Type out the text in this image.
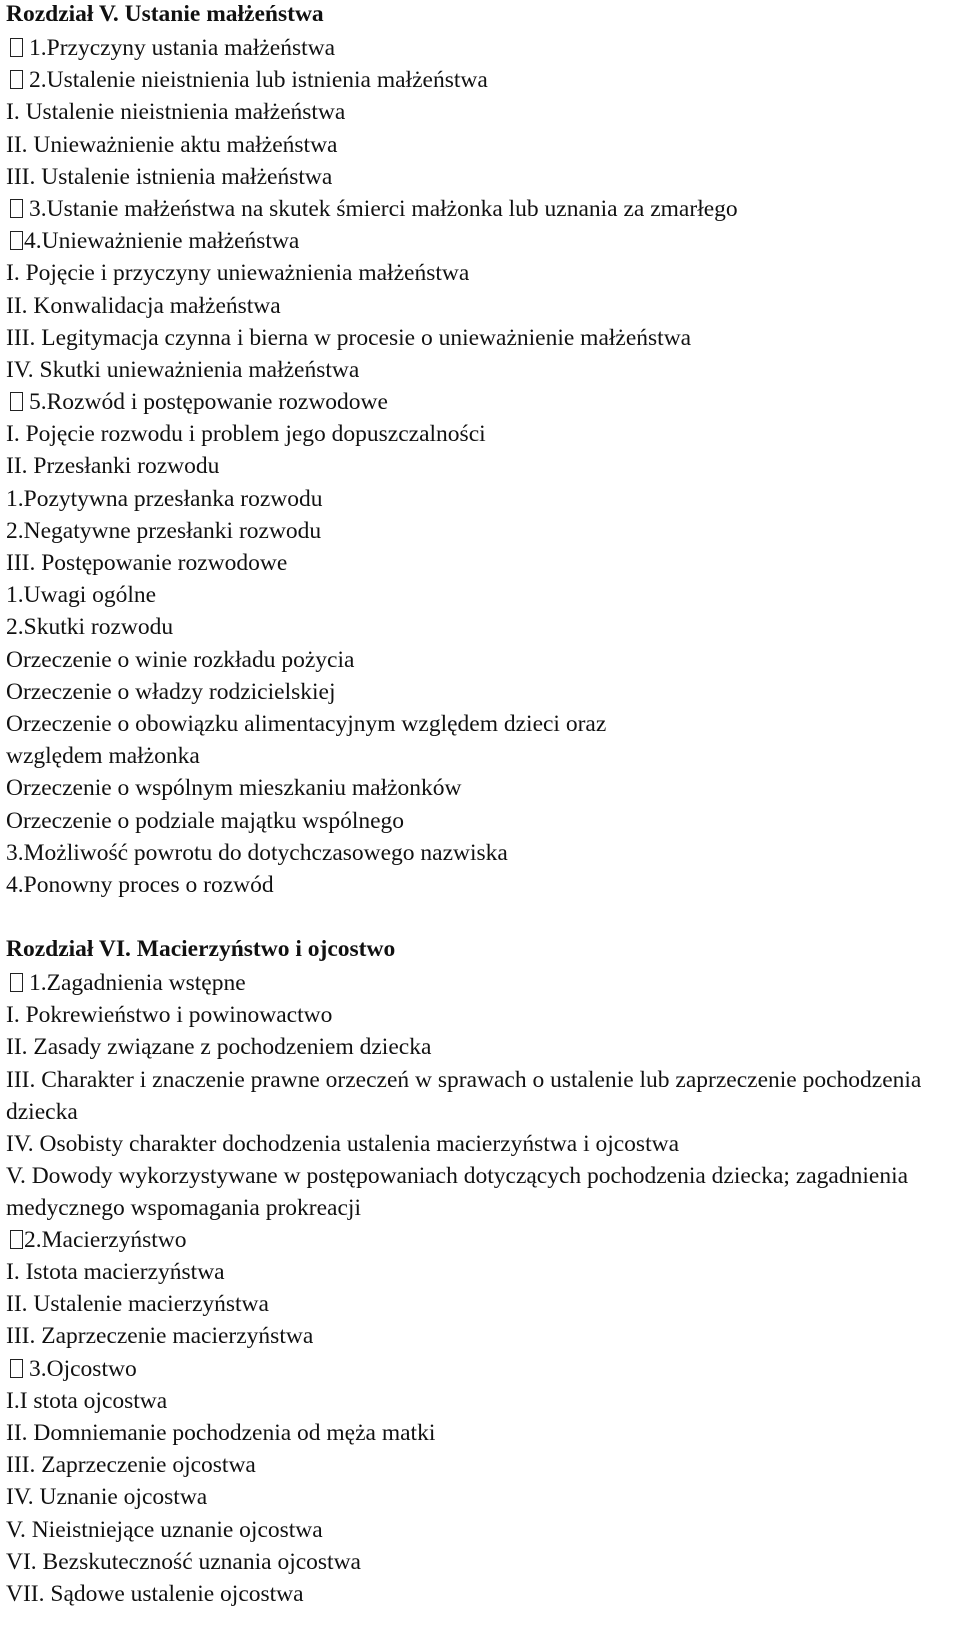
Rozdział V. Ustanie małżeństwa
1.Przyczyny ustania małżeństwa
2.Ustalenie nieistnienia lub istnienia małżeństwa
I. Ustalenie nieistnienia małżeństwa
II. Unieważnienie aktu małżeństwa
III. Ustalenie istnienia małżeństwa
3.Ustanie małżeństwa na skutek śmierci małżonka lub uznania za zmarłego
4.Unieważnienie małżeństwa
I. Pojęcie i przyczyny unieważnienia małżeństwa
II. Konwalidacja małżeństwa
III. Legitymacja czynna i bierna w procesie o unieważnienie małżeństwa
IV. Skutki unieważnienia małżeństwa
5.Rozwód i postępowanie rozwodowe
I. Pojęcie rozwodu i problem jego dopuszczalności
II. Przesłanki rozwodu
1.Pozytywna przesłanka rozwodu
2.Negatywne przesłanki rozwodu
III. Postępowanie rozwodowe
1.Uwagi ogólne
2.Skutki rozwodu
Orzeczenie o winie rozkładu pożycia
Orzeczenie o władzy rodzicielskiej
Orzeczenie o obowiązku alimentacyjnym względem dzieci oraz
względem małżonka
Orzeczenie o wspólnym mieszkaniu małżonków
Orzeczenie o podziale majątku wspólnego
3.Możliwość powrotu do dotychczasowego nazwiska
4.Ponowny proces o rozwód
Rozdział VI. Macierzyństwo i ojcostwo
1.Zagadnienia wstępne
I. Pokrewieństwo i powinowactwo
II. Zasady związane z pochodzeniem dziecka
III. Charakter i znaczenie prawne orzeczeń w sprawach o ustalenie lub zaprzeczenie pochodzenia dziecka
IV. Osobisty charakter dochodzenia ustalenia macierzyństwa i ojcostwa
V. Dowody wykorzystywane w postępowaniach dotyczących pochodzenia dziecka; zagadnienia medycznego wspomagania prokreacji
2.Macierzyństwo
I. Istota macierzyństwa
II. Ustalenie macierzyństwa
III. Zaprzeczenie macierzyństwa
3.Ojcostwo
I.I stota ojcostwa
II. Domniemanie pochodzenia od męża matki
III. Zaprzeczenie ojcostwa
IV. Uznanie ojcostwa
V. Nieistniejące uznanie ojcostwa
VI. Bezskuteczność uznania ojcostwa
VII. Sądowe ustalenie ojcostwa
